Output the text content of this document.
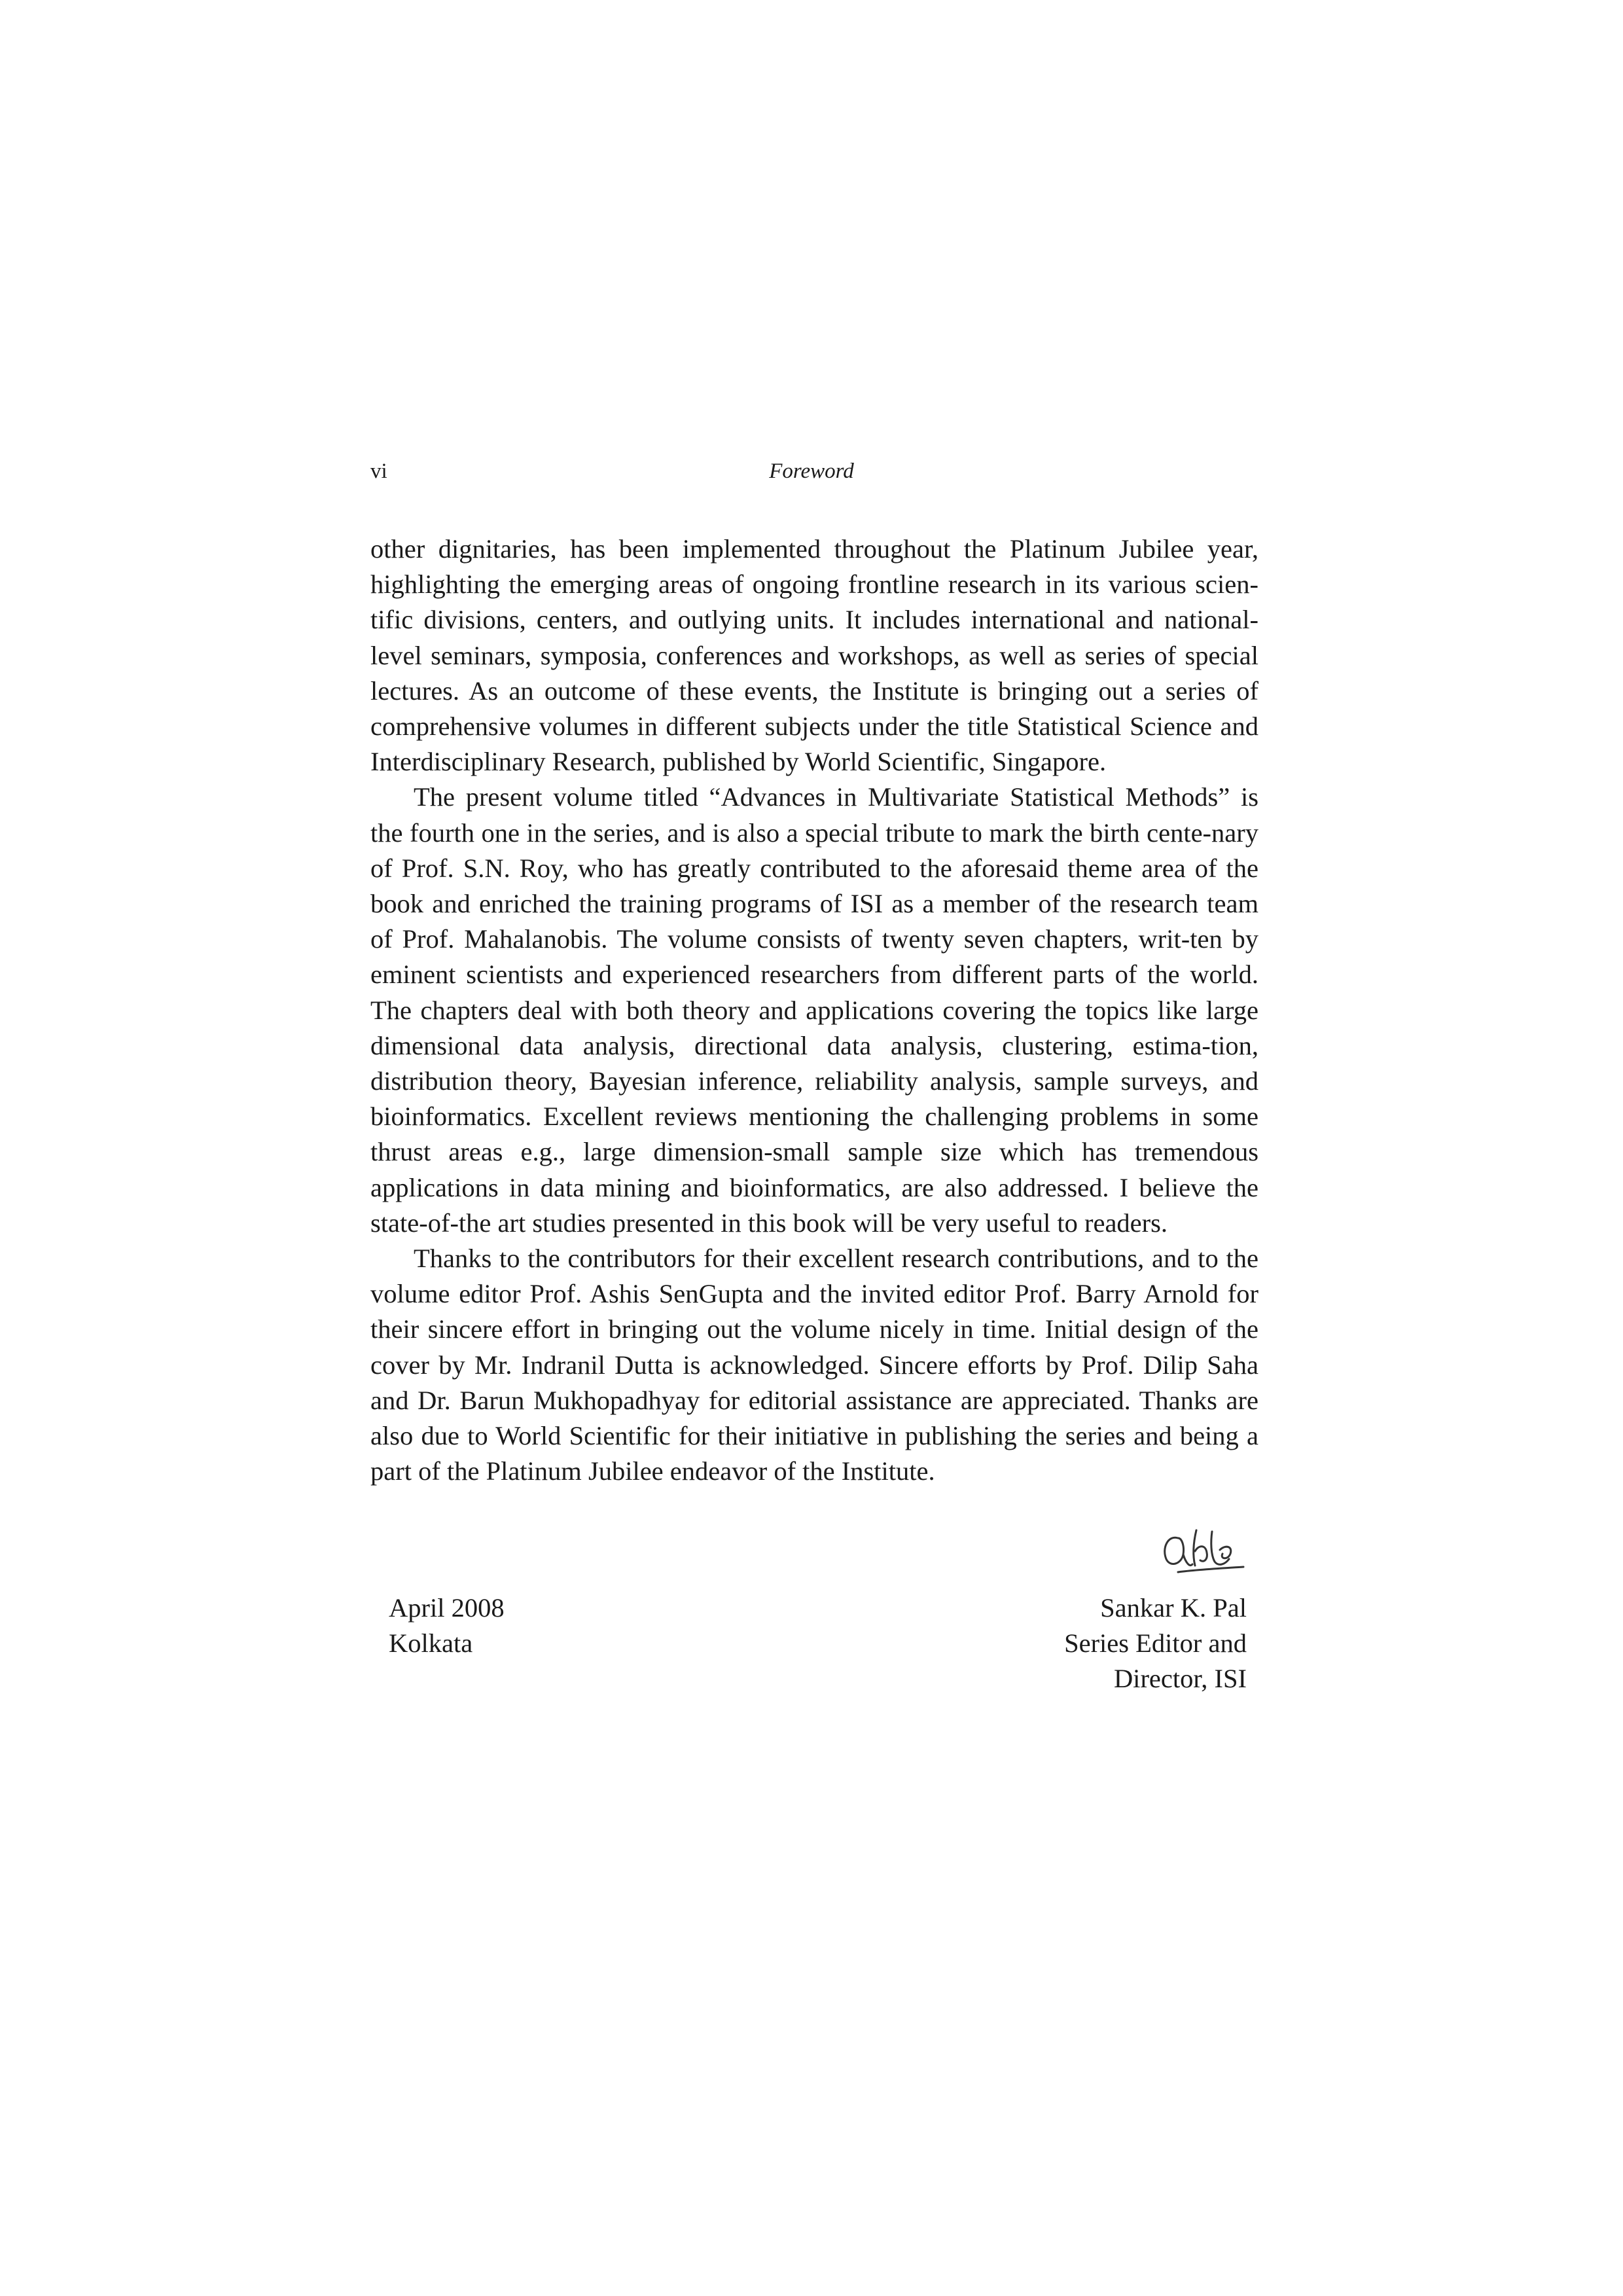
vi	Foreword

other dignitaries, has been implemented throughout the Platinum Jubilee year, highlighting the emerging areas of ongoing frontline research in its various scien-tific divisions, centers, and outlying units. It includes international and national-level seminars, symposia, conferences and workshops, as well as series of special lectures. As an outcome of these events, the Institute is bringing out a series of comprehensive volumes in different subjects under the title Statistical Science and Interdisciplinary Research, published by World Scientific, Singapore.

The present volume titled “Advances in Multivariate Statistical Methods” is the fourth one in the series, and is also a special tribute to mark the birth cente-nary of Prof. S.N. Roy, who has greatly contributed to the aforesaid theme area of the book and enriched the training programs of ISI as a member of the research team of Prof. Mahalanobis. The volume consists of twenty seven chapters, writ-ten by eminent scientists and experienced researchers from different parts of the world. The chapters deal with both theory and applications covering the topics like large dimensional data analysis, directional data analysis, clustering, estima-tion, distribution theory, Bayesian inference, reliability analysis, sample surveys, and bioinformatics. Excellent reviews mentioning the challenging problems in some thrust areas e.g., large dimension-small sample size which has tremendous applications in data mining and bioinformatics, are also addressed. I believe the state-of-the art studies presented in this book will be very useful to readers.

Thanks to the contributors for their excellent research contributions, and to the volume editor Prof. Ashis SenGupta and the invited editor Prof. Barry Arnold for their sincere effort in bringing out the volume nicely in time. Initial design of the cover by Mr. Indranil Dutta is acknowledged. Sincere efforts by Prof. Dilip Saha and Dr. Barun Mukhopadhyay for editorial assistance are appreciated. Thanks are also due to World Scientific for their initiative in publishing the series and being a part of the Platinum Jubilee endeavor of the Institute.

April 2008
Kolkata
Sankar K. Pal
Series Editor and
Director, ISI
